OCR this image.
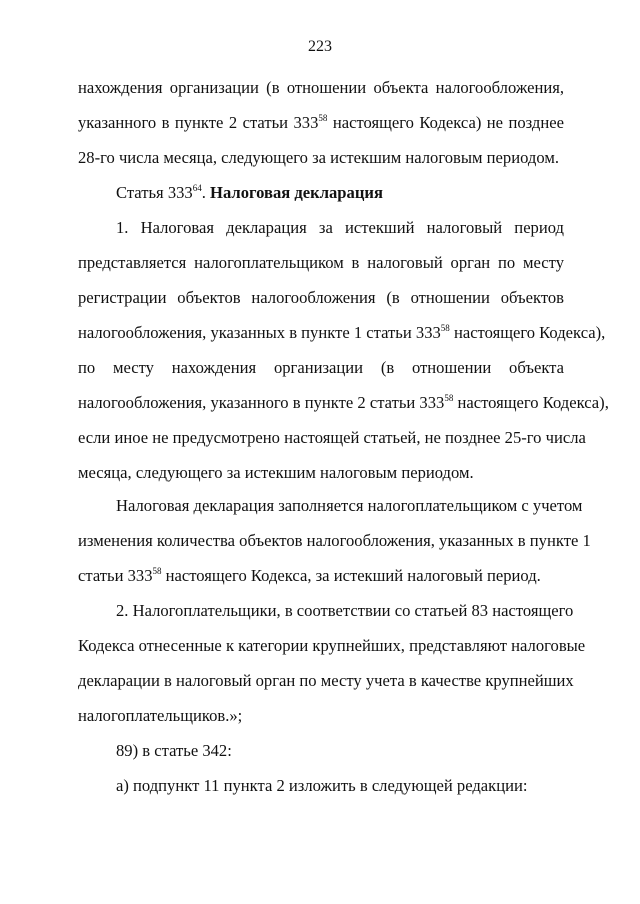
223
нахождения организации (в отношении объекта налогообложения,
указанного в пункте 2 статьи $333^{58}$ настоящего Кодекса) не позднее
28-го числа месяца, следующего за истекшим налоговым периодом.
Статья $333^{64}$. Налоговая декларация
1. Налоговая декларация за истекший налоговый период
представляется налогоплательщиком в налоговый орган по месту
регистрации объектов налогообложения (в отношении объектов
налогообложения, указанных в пункте 1 статьи $333^{58}$ настоящего Кодекса),
по месту нахождения организации (в отношении объекта
налогообложения, указанного в пункте 2 статьи $333^{58}$ настоящего Кодекса),
если иное не предусмотрено настоящей статьей, не позднее 25-го числа
месяца, следующего за истекшим налоговым периодом.
Налоговая декларация заполняется налогоплательщиком с учетом
изменения количества объектов налогообложения, указанных в пункте 1
статьи $333^{58}$ настоящего Кодекса, за истекший налоговый период.
2. Налогоплательщики, в соответствии со статьей 83 настоящего
Кодекса отнесенные к категории крупнейших, представляют налоговые
декларации в налоговый орган по месту учета в качестве крупнейших
налогоплательщиков.»;
89) в статье 342:
а) подпункт 11 пункта 2 изложить в следующей редакции:
